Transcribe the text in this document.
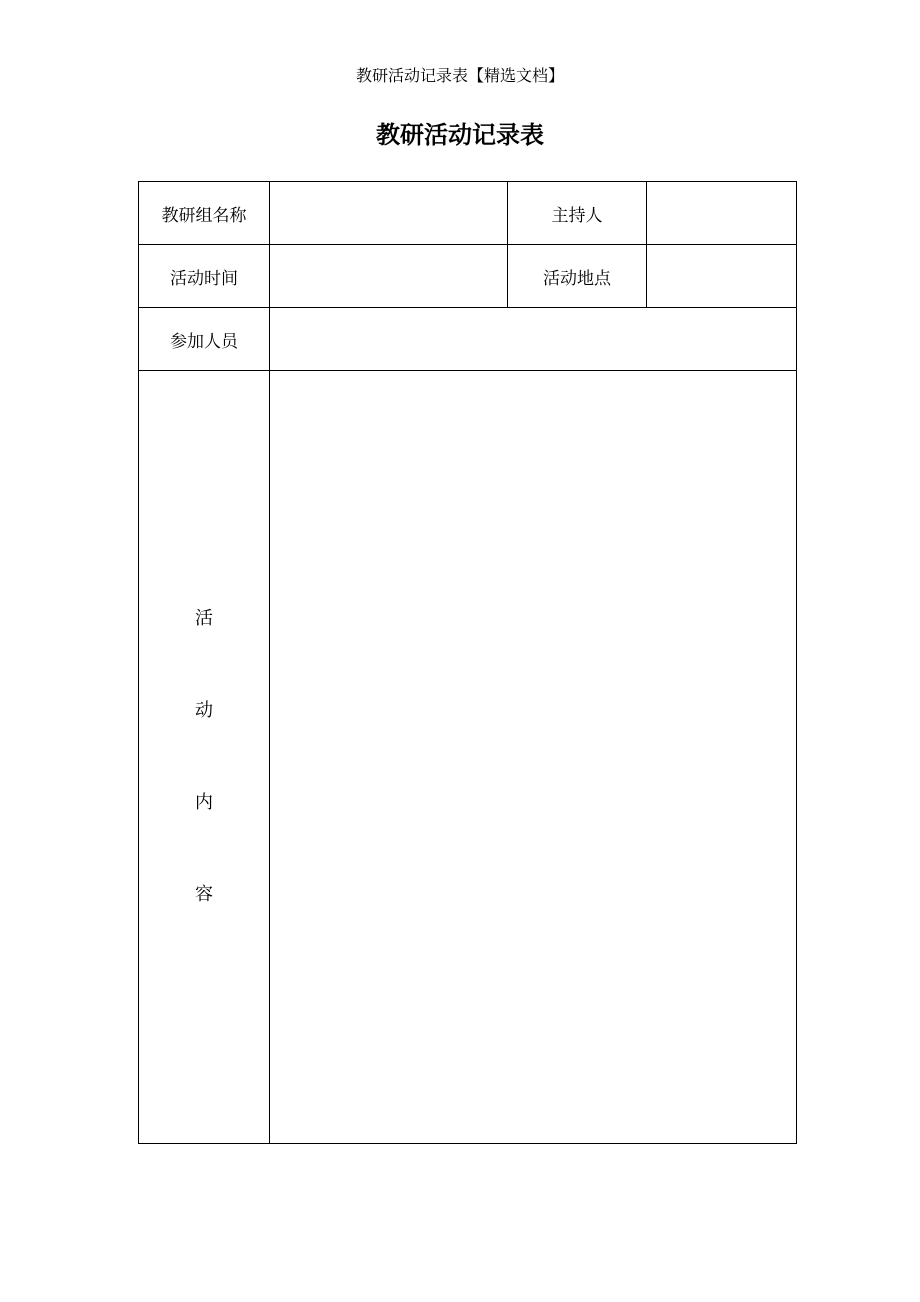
教研活动记录表【精选文档】
教研活动记录表
教研组名称		主持人	
活动时间		活动地点	
参加人员			

活
动
内
容			
